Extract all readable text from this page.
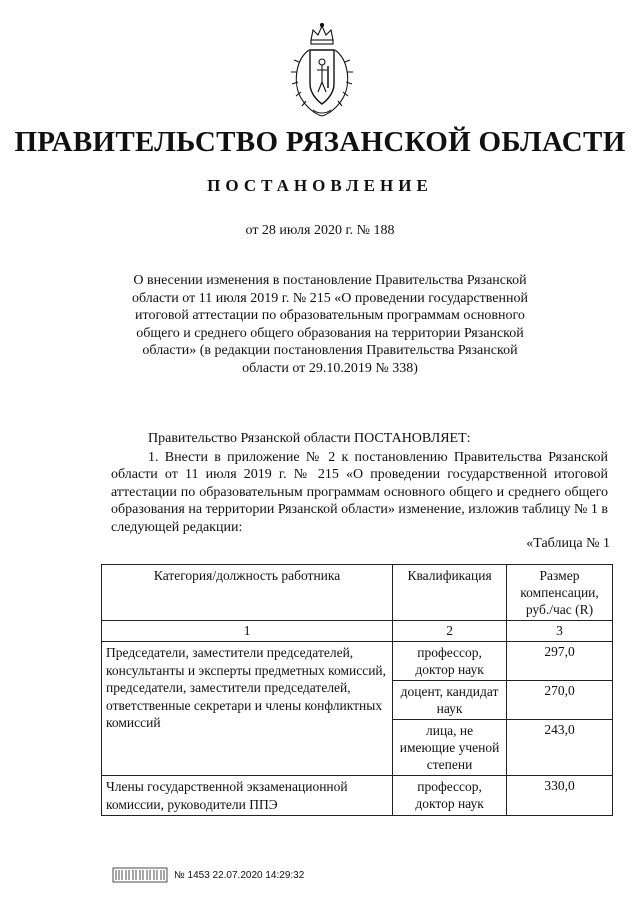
ПРАВИТЕЛЬСТВО РЯЗАНСКОЙ ОБЛАСТИ
ПОСТАНОВЛЕНИЕ
от 28 июля 2020 г. № 188
О внесении изменения в постановление Правительства Рязанской области от 11 июля 2019 г. № 215 «О проведении государственной итоговой аттестации по образовательным программам основного общего и среднего общего образования на территории Рязанской области» (в редакции постановления Правительства Рязанской области от 29.10.2019 № 338)
Правительство Рязанской области ПОСТАНОВЛЯЕТ:
1. Внести в приложение № 2 к постановлению Правительства Рязанской области от 11 июля 2019 г. № 215 «О проведении государственной итоговой аттестации по образовательным программам основного общего и среднего общего образования на территории Рязанской области» изменение, изложив таблицу № 1 в следующей редакции:
«Таблица № 1
Категория/должность работника	Квалификация	Размер компенсации, руб./час (R)
1	2	3
Председатели, заместители председателей, консультанты и эксперты предметных комиссий, председатели, заместители председателей, ответственные секретари и члены конфликтных комиссий	профессор, доктор наук	297,0
	доцент, кандидат наук	270,0
	лица, не имеющие ученой степени	243,0
Члены государственной экзаменационной комиссии, руководители ППЭ	профессор, доктор наук	330,0
№ 1453 22.07.2020 14:29:32
